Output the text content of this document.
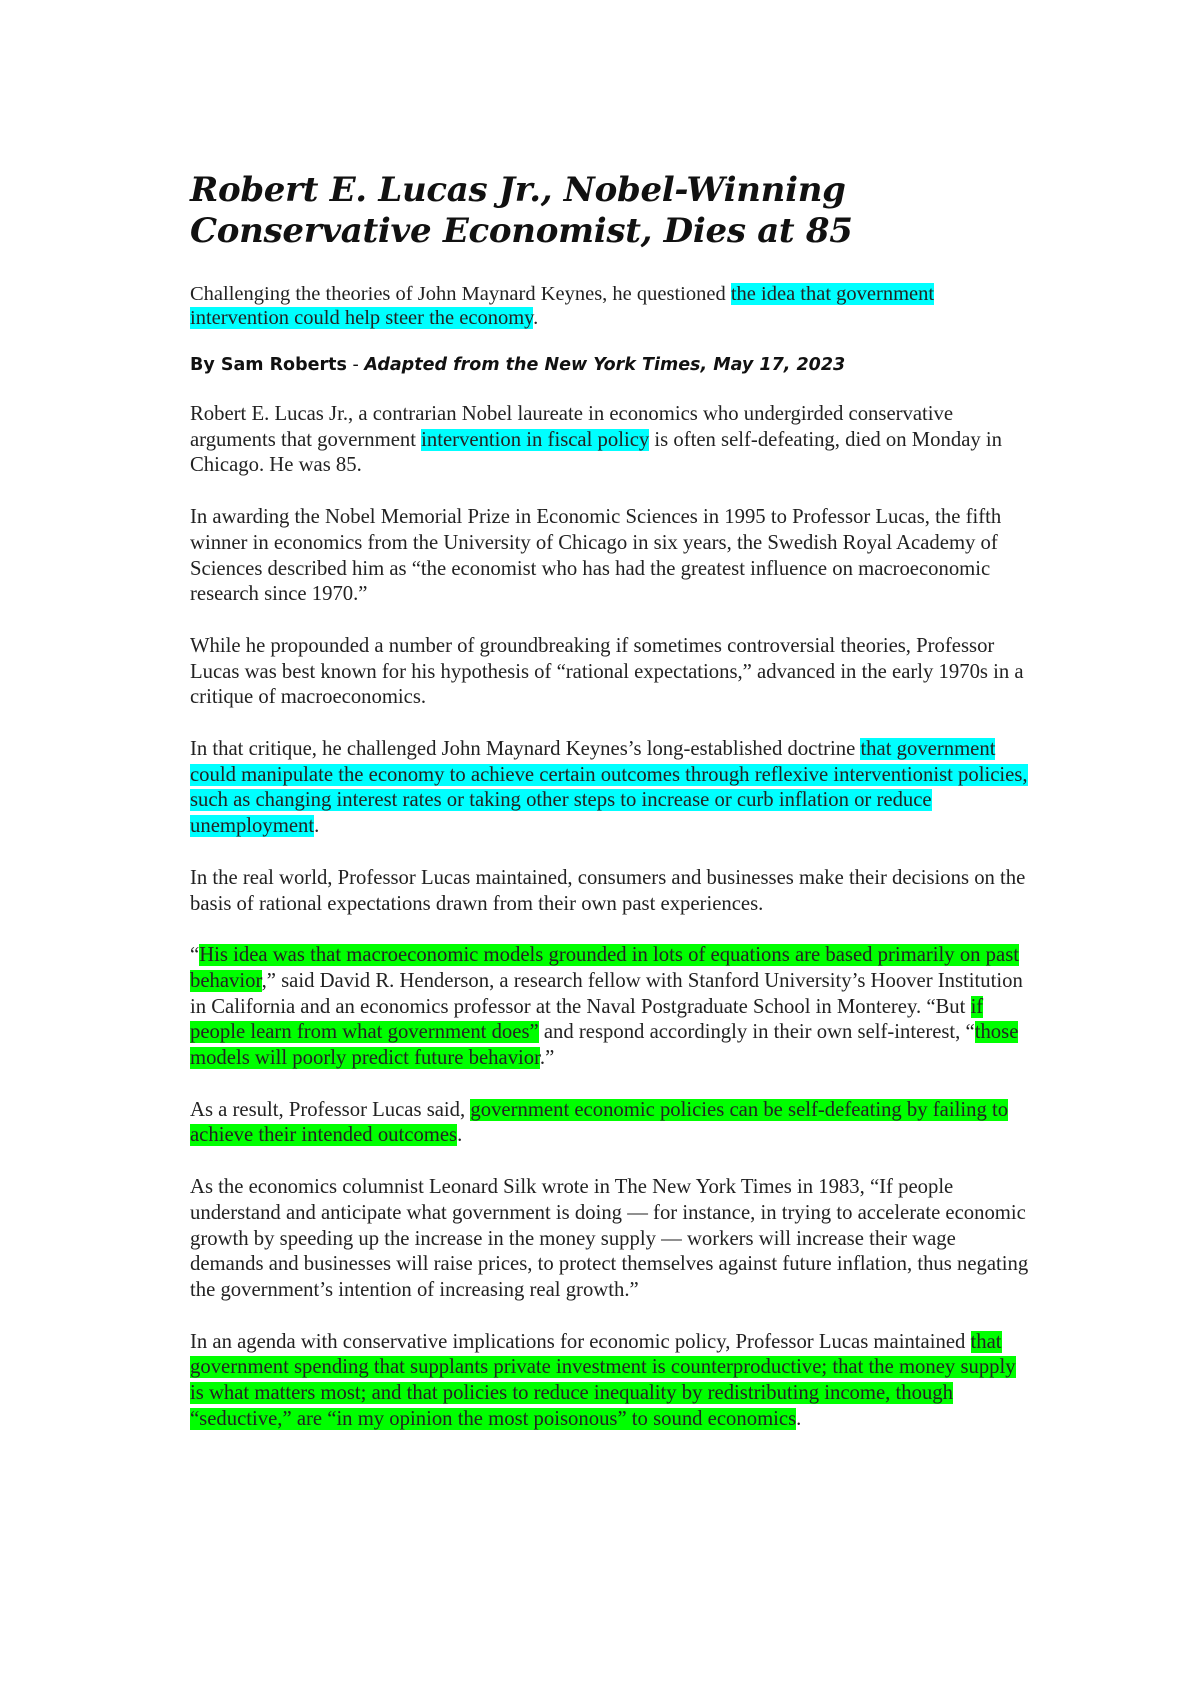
Robert E. Lucas Jr., Nobel-Winning
Conservative Economist, Dies at 85

Challenging the theories of John Maynard Keynes, he questioned the idea that government intervention could help steer the economy.

By Sam Roberts - Adapted from the New York Times, May 17, 2023

Robert E. Lucas Jr., a contrarian Nobel laureate in economics who undergirded conservative arguments that government intervention in fiscal policy is often self-defeating, died on Monday in Chicago. He was 85.

In awarding the Nobel Memorial Prize in Economic Sciences in 1995 to Professor Lucas, the fifth winner in economics from the University of Chicago in six years, the Swedish Royal Academy of Sciences described him as “the economist who has had the greatest influence on macroeconomic research since 1970.”

While he propounded a number of groundbreaking if sometimes controversial theories, Professor Lucas was best known for his hypothesis of “rational expectations,” advanced in the early 1970s in a critique of macroeconomics.

In that critique, he challenged John Maynard Keynes’s long-established doctrine that government could manipulate the economy to achieve certain outcomes through reflexive interventionist policies, such as changing interest rates or taking other steps to increase or curb inflation or reduce unemployment.

In the real world, Professor Lucas maintained, consumers and businesses make their decisions on the basis of rational expectations drawn from their own past experiences.

“His idea was that macroeconomic models grounded in lots of equations are based primarily on past behavior,” said David R. Henderson, a research fellow with Stanford University’s Hoover Institution in California and an economics professor at the Naval Postgraduate School in Monterey. “But if people learn from what government does” and respond accordingly in their own self-interest, “those models will poorly predict future behavior.”

As a result, Professor Lucas said, government economic policies can be self-defeating by failing to achieve their intended outcomes.

As the economics columnist Leonard Silk wrote in The New York Times in 1983, “If people understand and anticipate what government is doing — for instance, in trying to accelerate economic growth by speeding up the increase in the money supply — workers will increase their wage demands and businesses will raise prices, to protect themselves against future inflation, thus negating the government’s intention of increasing real growth.”

In an agenda with conservative implications for economic policy, Professor Lucas maintained that government spending that supplants private investment is counterproductive; that the money supply is what matters most; and that policies to reduce inequality by redistributing income, though “seductive,” are “in my opinion the most poisonous” to sound economics.
